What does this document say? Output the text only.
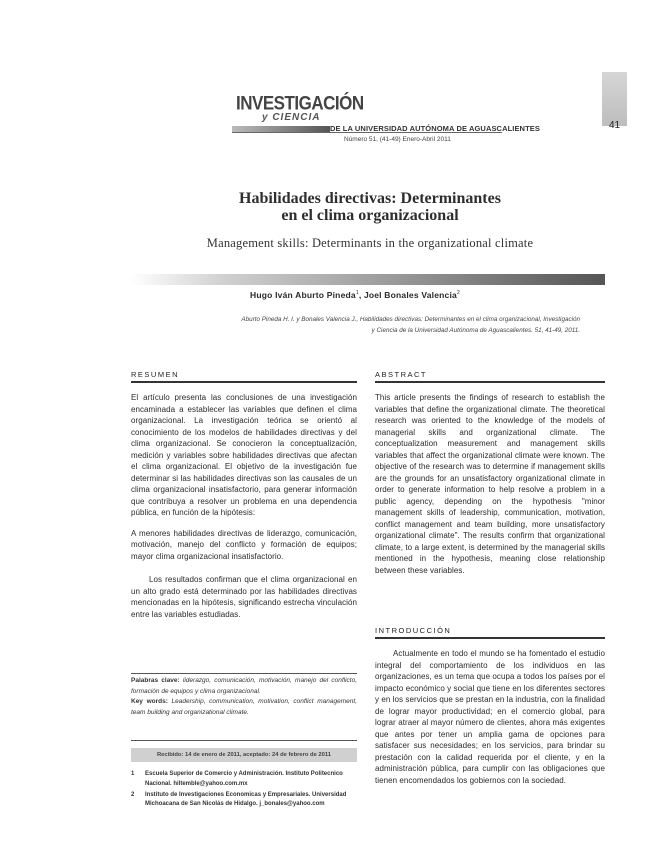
INVESTIGACIÓN
y CIENCIA
DE LA UNIVERSIDAD AUTÓNOMA DE AGUASCALIENTES
Número 51, (41-49) Enero-Abril 2011
41
Habilidades directivas: Determinantes
en el clima organizacional
Management skills: Determinants in the organizational climate
Hugo Iván Aburto Pineda$^1$, Joel Bonales Valencia$^2$
Aburto Pineda H. I. y Bonales Valencia J., Habilidades directivas: Determinantes en el clima organizacional, Investigación
y Ciencia de la Universidad Autónoma de Aguascalientes. 51, 41-49, 2011.
RESUMEN

El artículo presenta las conclusiones de una investigación encaminada a establecer las variables que definen el clima organizacional. La investigación teórica se orientó al conocimiento de los modelos de habilidades directivas y del clima organizacional. Se conocieron la conceptualización, medición y variables sobre habilidades directivas que afectan el clima organizacional. El objetivo de la investigación fue determinar si las habilidades directivas son las causales de un clima organizacional insatisfactorio, para generar información que contribuya a resolver un problema en una dependencia pública, en función de la hipótesis:

A menores habilidades directivas de liderazgo, comunicación, motivación, manejo del conflicto y formación de equipos; mayor clima organizacional insatisfactorio.

Los resultados confirman que el clima organizacional en un alto grado está determinado por las habilidades directivas mencionadas en la hipótesis, significando estrecha vinculación entre las variables estudiadas.

Palabras clave: liderazgo, comunicación, motivación, manejo del conflicto, formación de equipos y clima organizacional.
Key words: Leadership, communication, motivation, conflict management, team building and organizational climate.
Recibido: 14 de enero de 2011, aceptado: 24 de febrero de 2011
1	Escuela Superior de Comercio y Administración. Instituto Politecnico Nacional. hiltemble@yahoo.com.mx
2	Instituto de Investigaciones Economicas y Empresariales. Universidad Michoacana de San Nicolás de Hidalgo. j_bonales@yahoo.com
ABSTRACT
This article presents the findings of research to establish the variables that define the organizational climate. The theoretical research was oriented to the knowledge of the models of managerial skills and organizational climate. The conceptualization measurement and management skills variables that affect the organizational climate were known. The objective of the research was to determine if management skills are the grounds for an unsatisfactory organizational climate in order to generate information to help resolve a problem in a public agency, depending on the hypothesis "minor management skills of leadership, communication, motivation, conflict management and team building, more unsatisfactory organizational climate". The results confirm that organizational climate, to a large extent, is determined by the managerial skills mentioned in the hypothesis, meaning close relationship between these variables.
INTRODUCCIÓN
Actualmente en todo el mundo se ha fomentado el estudio integral del comportamiento de los individuos en las organizaciones, es un tema que ocupa a todos los países por el impacto económico y social que tiene en los diferentes sectores y en los servicios que se prestan en la industria, con la finalidad de lograr mayor productividad; en el comercio global, para lograr atraer al mayor número de clientes, ahora más exigentes que antes por tener un amplia gama de opciones para satisfacer sus necesidades; en los servicios, para brindar su prestación con la calidad requerida por el cliente, y en la administración pública, para cumplir con las obligaciones que tienen encomendados los gobiernos con la sociedad.
